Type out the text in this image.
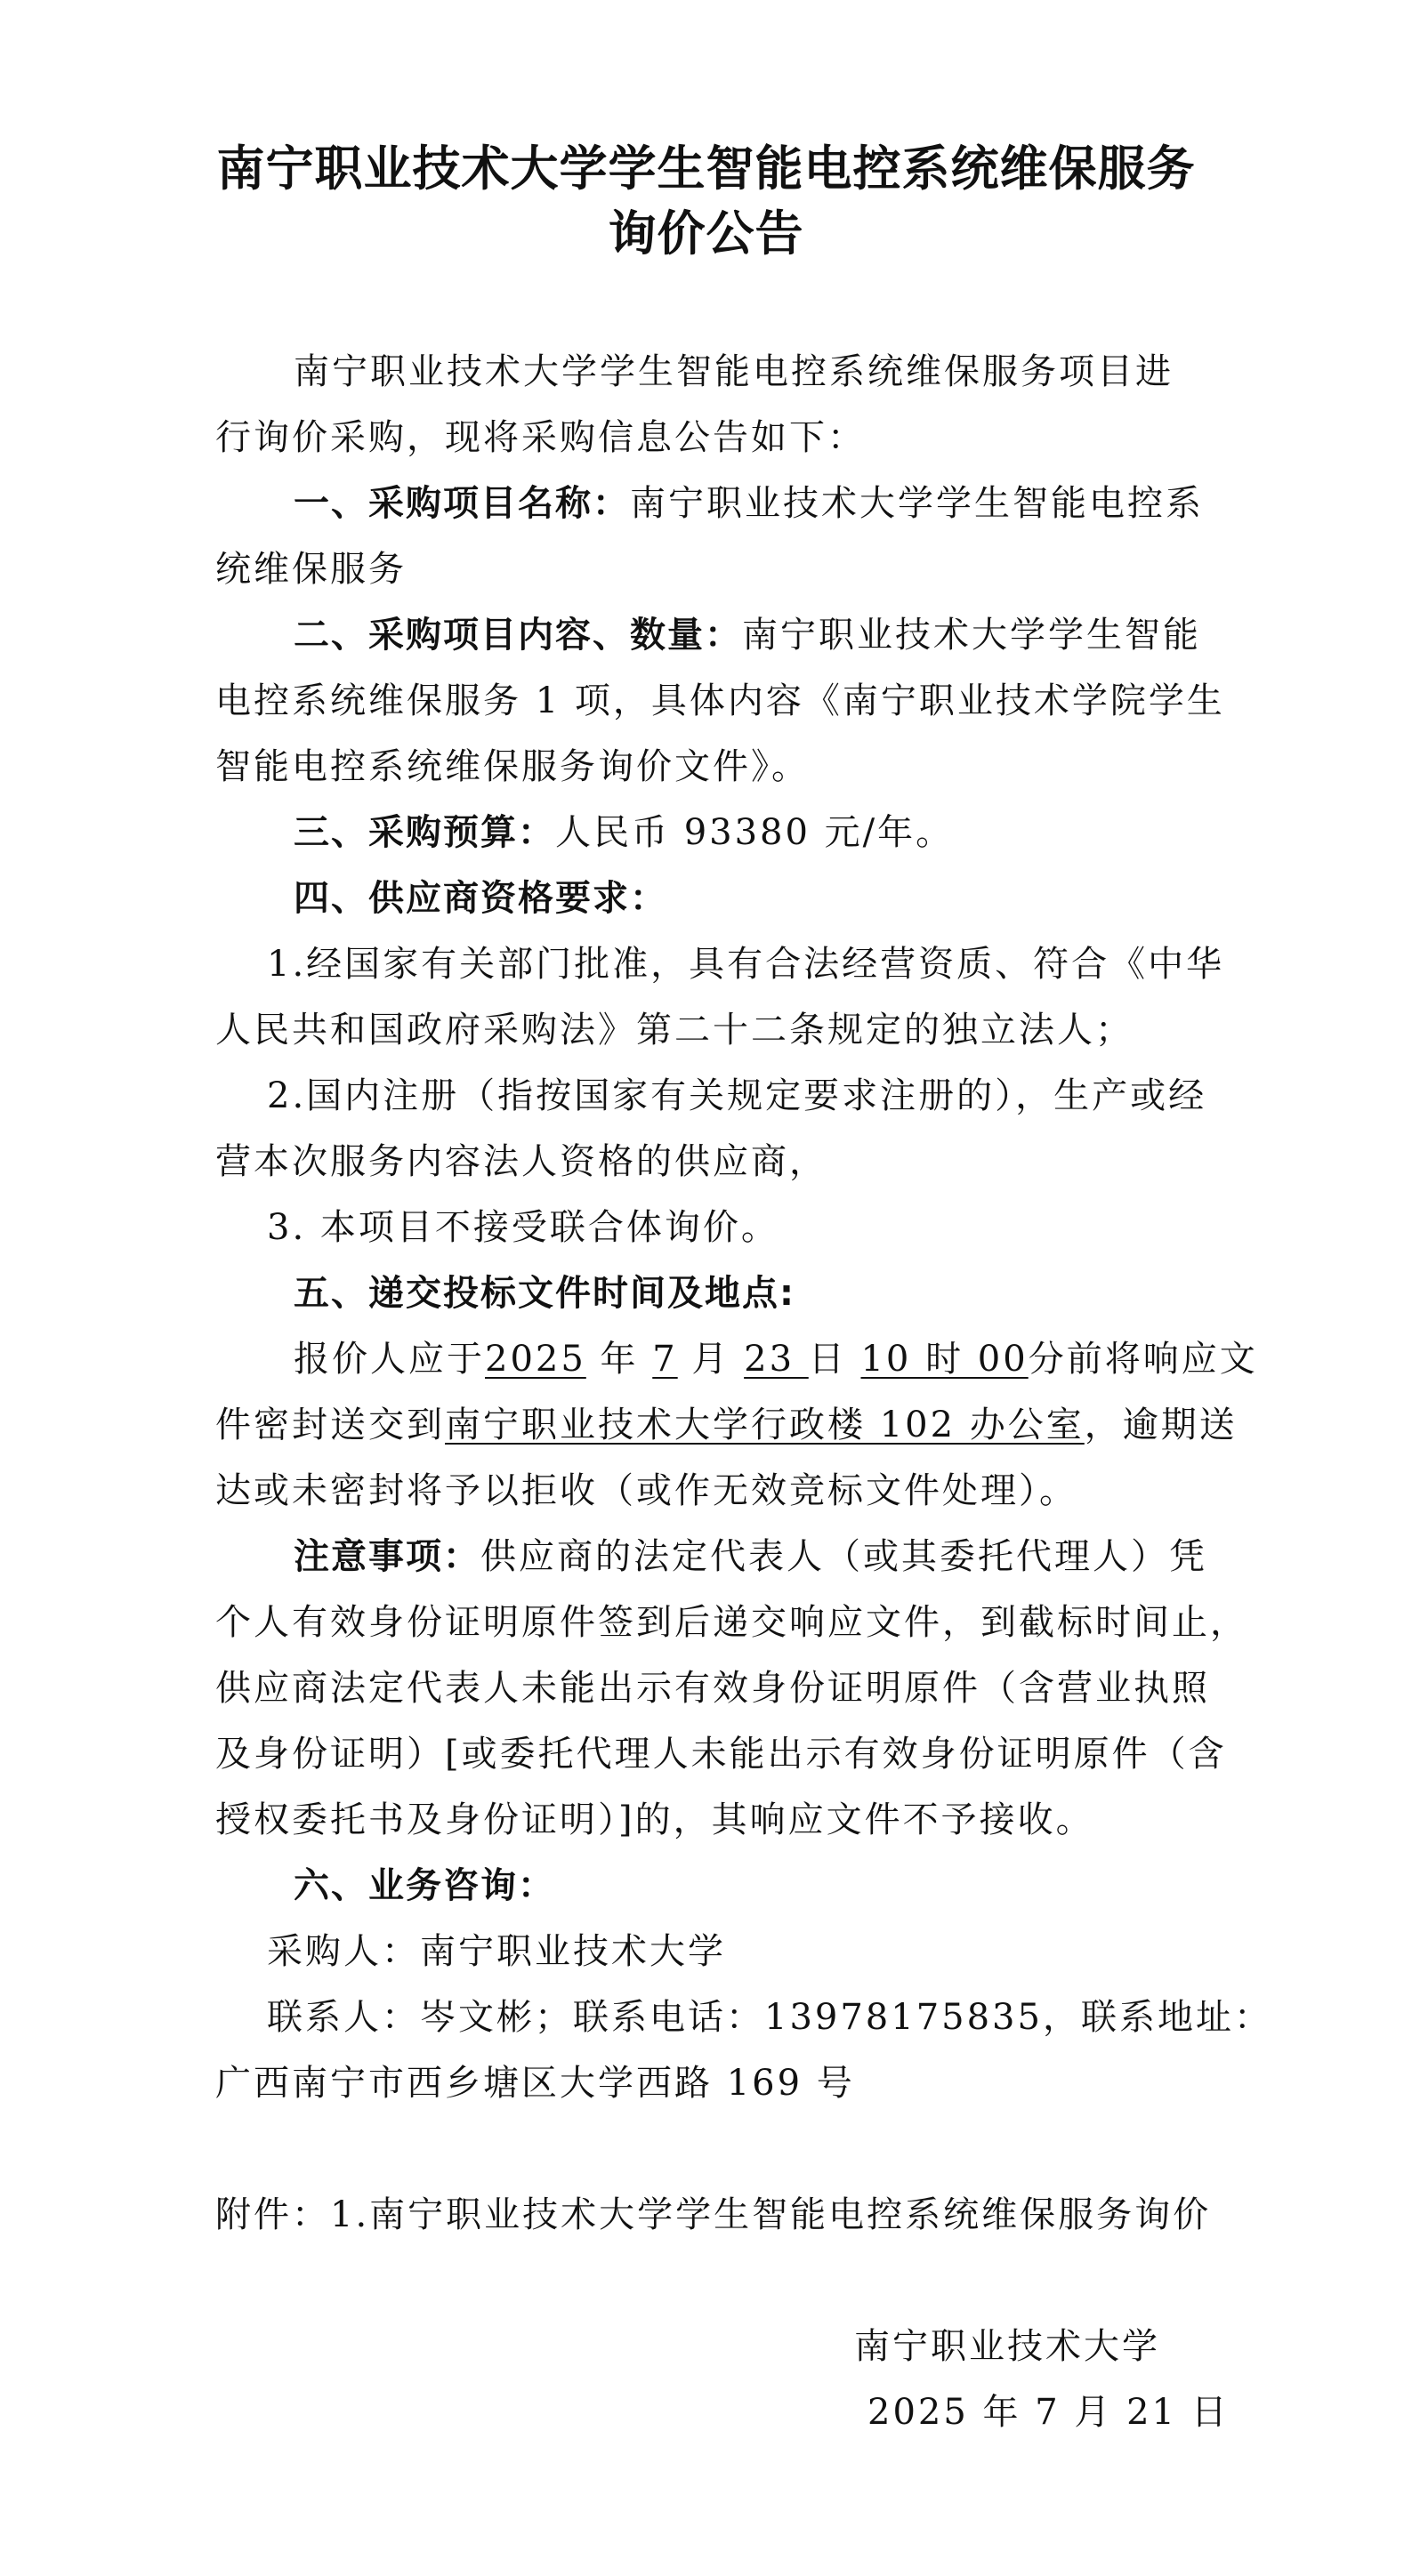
南宁职业技术大学学生智能电控系统维保服务
询价公告
南宁职业技术大学学生智能电控系统维保服务项目进
行询价采购，现将采购信息公告如下：
一、采购项目名称：南宁职业技术大学学生智能电控系
统维保服务
二、采购项目内容、数量：南宁职业技术大学学生智能
电控系统维保服务 1 项，具体内容《南宁职业技术学院学生
智能电控系统维保服务询价文件》。
三、采购预算：人民币 93380 元/年。
四、供应商资格要求：
1.经国家有关部门批准，具有合法经营资质、符合《中华
人民共和国政府采购法》第二十二条规定的独立法人；
2.国内注册（指按国家有关规定要求注册的），生产或经
营本次服务内容法人资格的供应商，
3. 本项目不接受联合体询价。
五、递交投标文件时间及地点:
报价人应于2025 年 7 月 23 日 10 时 00分前将响应文
件密封送交到南宁职业技术大学行政楼 102 办公室，逾期送
达或未密封将予以拒收（或作无效竞标文件处理）。
注意事项：供应商的法定代表人（或其委托代理人）凭
个人有效身份证明原件签到后递交响应文件，到截标时间止，
供应商法定代表人未能出示有效身份证明原件（含营业执照
及身份证明）[或委托代理人未能出示有效身份证明原件（含
授权委托书及身份证明）]的，其响应文件不予接收。
六、业务咨询：
采购人：南宁职业技术大学
联系人：岑文彬；联系电话：13978175835，联系地址：
广西南宁市西乡塘区大学西路 169 号
附件：1.南宁职业技术大学学生智能电控系统维保服务询价
南宁职业技术大学
2025 年 7 月 21 日
